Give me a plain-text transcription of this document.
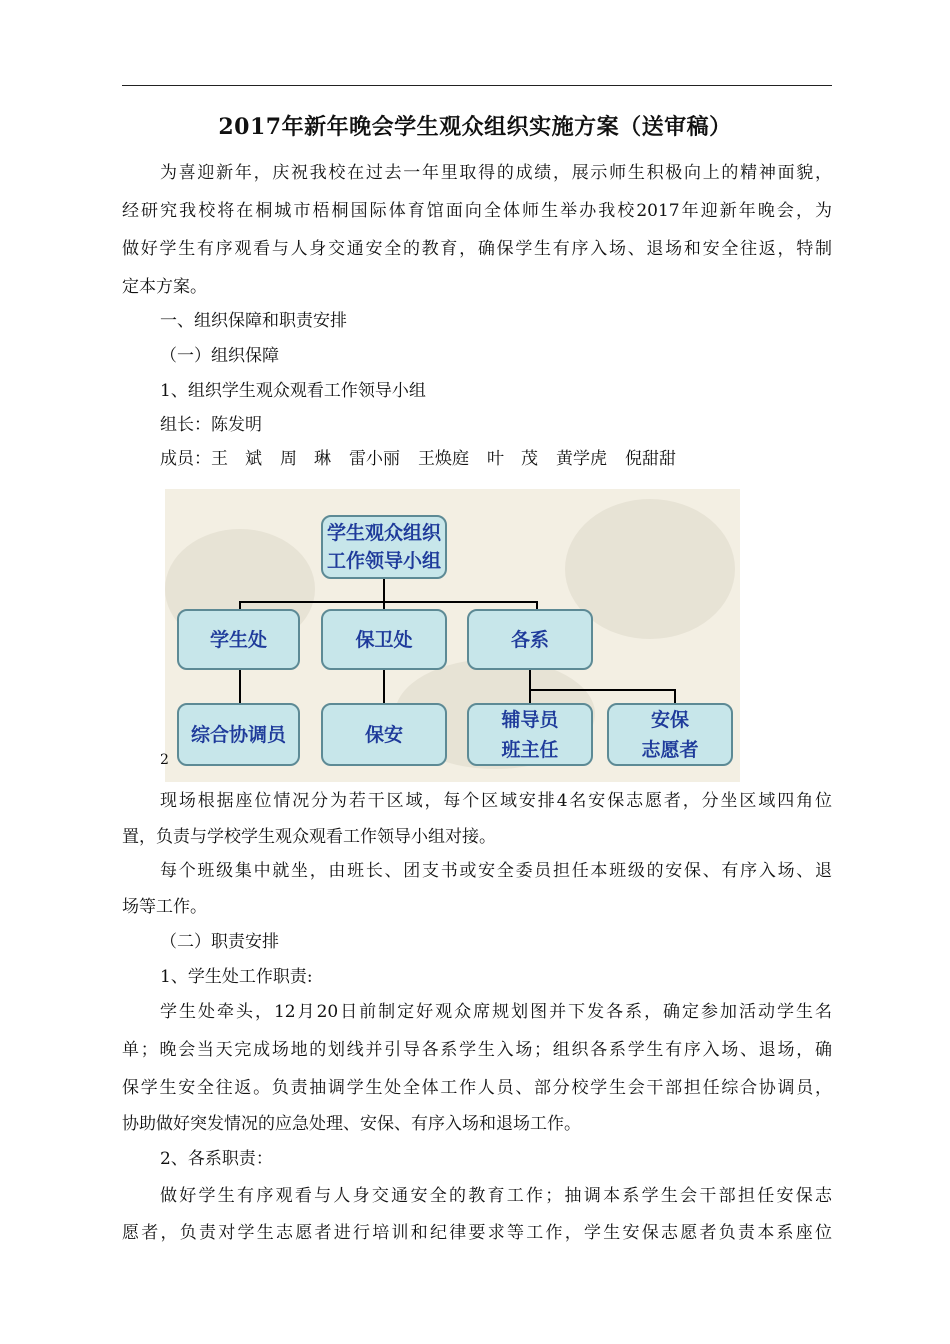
2017年新年晚会学生观众组织实施方案（送审稿）
为喜迎新年，庆祝我校在过去一年里取得的成绩，展示师生积极向上的精神面貌，
经研究我校将在桐城市梧桐国际体育馆面向全体师生举办我校2017年迎新年晚会，为
做好学生有序观看与人身交通安全的教育，确保学生有序入场、退场和安全往返，特制
定本方案。
一、组织保障和职责安排
（一）组织保障
1、组织学生观众观看工作领导小组
组长：陈发明
成员：王　斌 周　琳 雷小丽 王焕庭 叶　茂 黄学虎 倪甜甜
学生观众组织
工作领导小组
学生处	保卫处	各系
综合协调员	保安
辅导员
班主任
安保
志愿者
2
现场根据座位情况分为若干区域，每个区域安排4名安保志愿者，分坐区域四角位
置，负责与学校学生观众观看工作领导小组对接。
每个班级集中就坐，由班长、团支书或安全委员担任本班级的安保、有序入场、退
场等工作。
（二）职责安排
1、学生处工作职责:
学生处牵头，12月20日前制定好观众席规划图并下发各系，确定参加活动学生名
单；晚会当天完成场地的划线并引导各系学生入场；组织各系学生有序入场、退场，确
保学生安全往返。负责抽调学生处全体工作人员、部分校学生会干部担任综合协调员，
协助做好突发情况的应急处理、安保、有序入场和退场工作。
2、各系职责：
做好学生有序观看与人身交通安全的教育工作；抽调本系学生会干部担任安保志
愿者，负责对学生志愿者进行培训和纪律要求等工作，学生安保志愿者负责本系座位
